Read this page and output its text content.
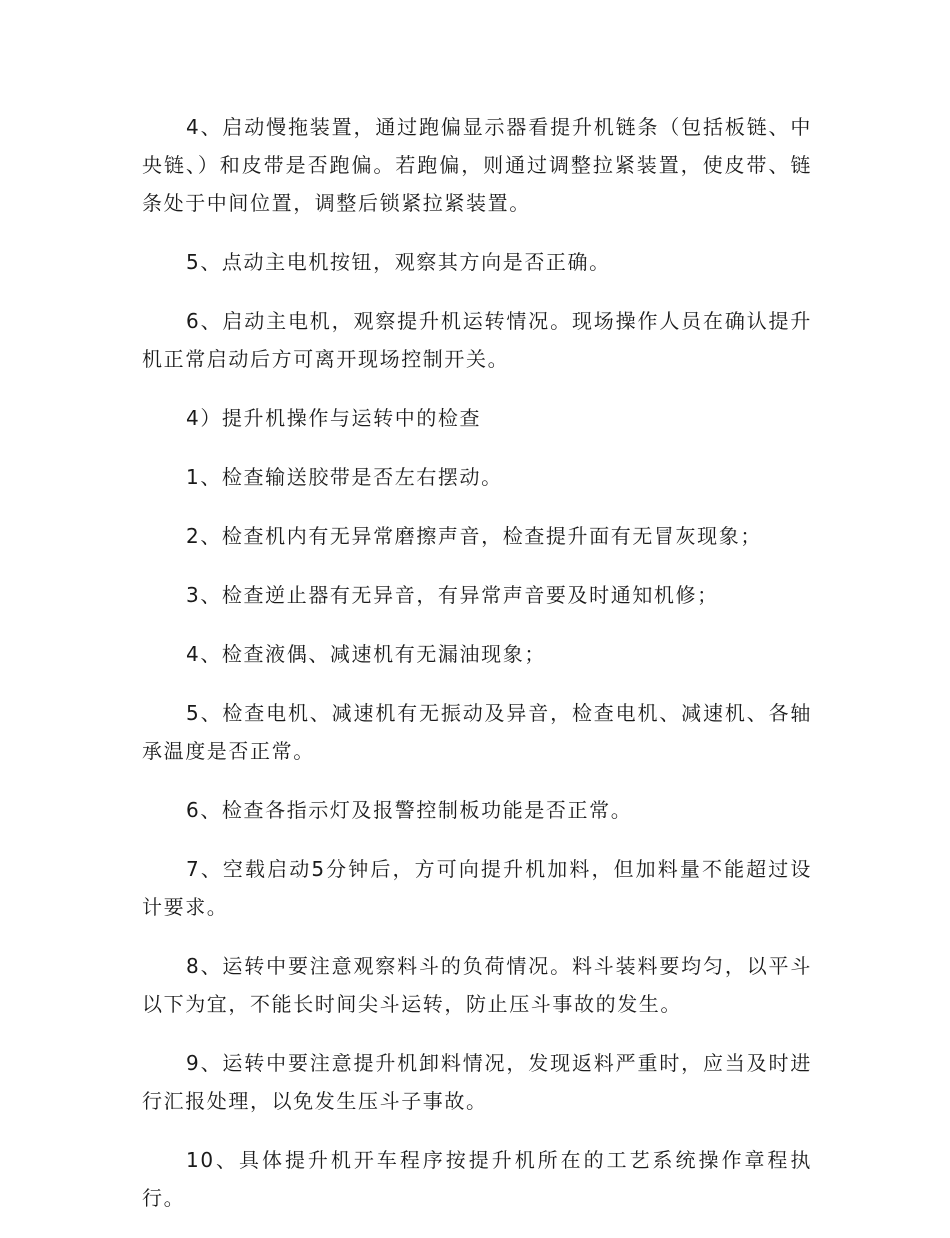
4、启动慢拖装置，通过跑偏显示器看提升机链条（包括板链、中央链、）和皮带是否跑偏。若跑偏，则通过调整拉紧装置，使皮带、链条处于中间位置，调整后锁紧拉紧装置。

5、点动主电机按钮，观察其方向是否正确。

6、启动主电机，观察提升机运转情况。现场操作人员在确认提升机正常启动后方可离开现场控制开关。

4）提升机操作与运转中的检查

1、检查输送胶带是否左右摆动。

2、检查机内有无异常磨擦声音，检查提升面有无冒灰现象；

3、检查逆止器有无异音，有异常声音要及时通知机修；

4、检查液偶、减速机有无漏油现象；

5、检查电机、减速机有无振动及异音，检查电机、减速机、各轴承温度是否正常。

6、检查各指示灯及报警控制板功能是否正常。

7、空载启动5分钟后，方可向提升机加料，但加料量不能超过设计要求。

8、运转中要注意观察料斗的负荷情况。料斗装料要均匀，以平斗以下为宜，不能长时间尖斗运转，防止压斗事故的发生。

9、运转中要注意提升机卸料情况，发现返料严重时，应当及时进行汇报处理，以免发生压斗子事故。

10、具体提升机开车程序按提升机所在的工艺系统操作章程执行。
